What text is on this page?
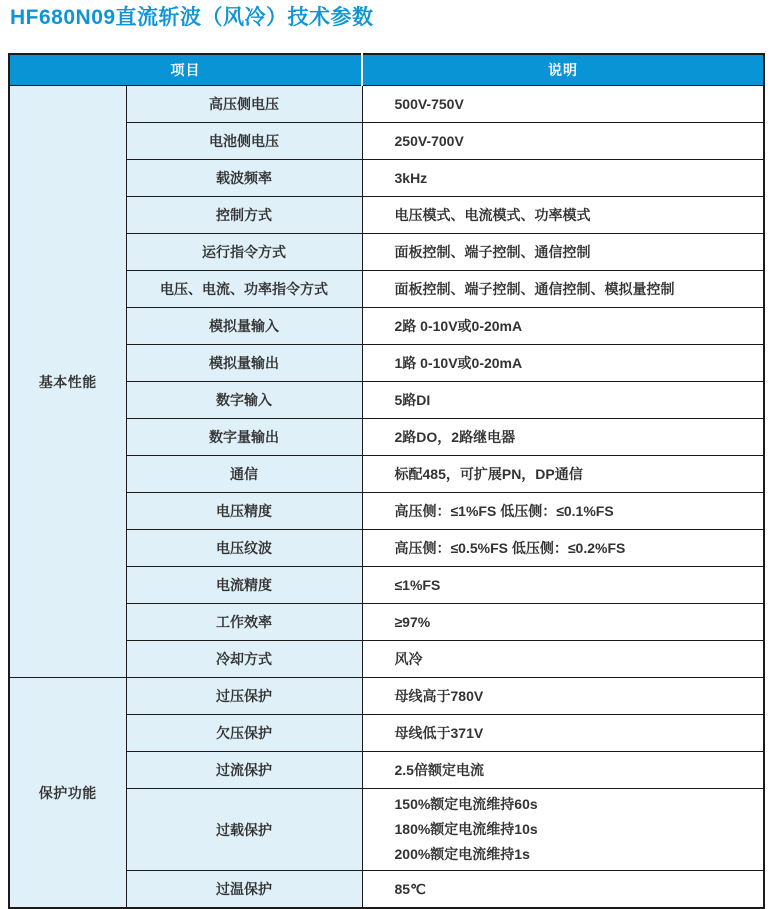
HF680N09直流斩波（风冷）技术参数
项目		说明
基本性能	高压侧电压	500V-750V

	电池侧电压	250V-700V

	载波频率	3kHz

	控制方式	电压模式、电流模式、功率模式

	运行指令方式	面板控制、端子控制、通信控制

	电压、电流、功率指令方式	面板控制、端子控制、通信控制、模拟量控制

	模拟量输入	2路 0-10V或0-20mA

	模拟量输出	1路 0-10V或0-20mA

	数字输入	5路DI

	数字量输出	2路DO，2路继电器

	通信	标配485，可扩展PN，DP通信

	电压精度	高压侧：≤1%FS 低压侧：≤0.1%FS

	电压纹波	高压侧：≤0.5%FS 低压侧：≤0.2%FS

	电流精度	≤1%FS

	工作效率	≥97%

	冷却方式	风冷

保护功能	过压保护	母线高于780V

	欠压保护	母线低于371V

	过流保护	2.5倍额定电流

	过载保护	150%额定电流维持60s
180%额定电流维持10s
200%额定电流维持1s

	过温保护	85℃
